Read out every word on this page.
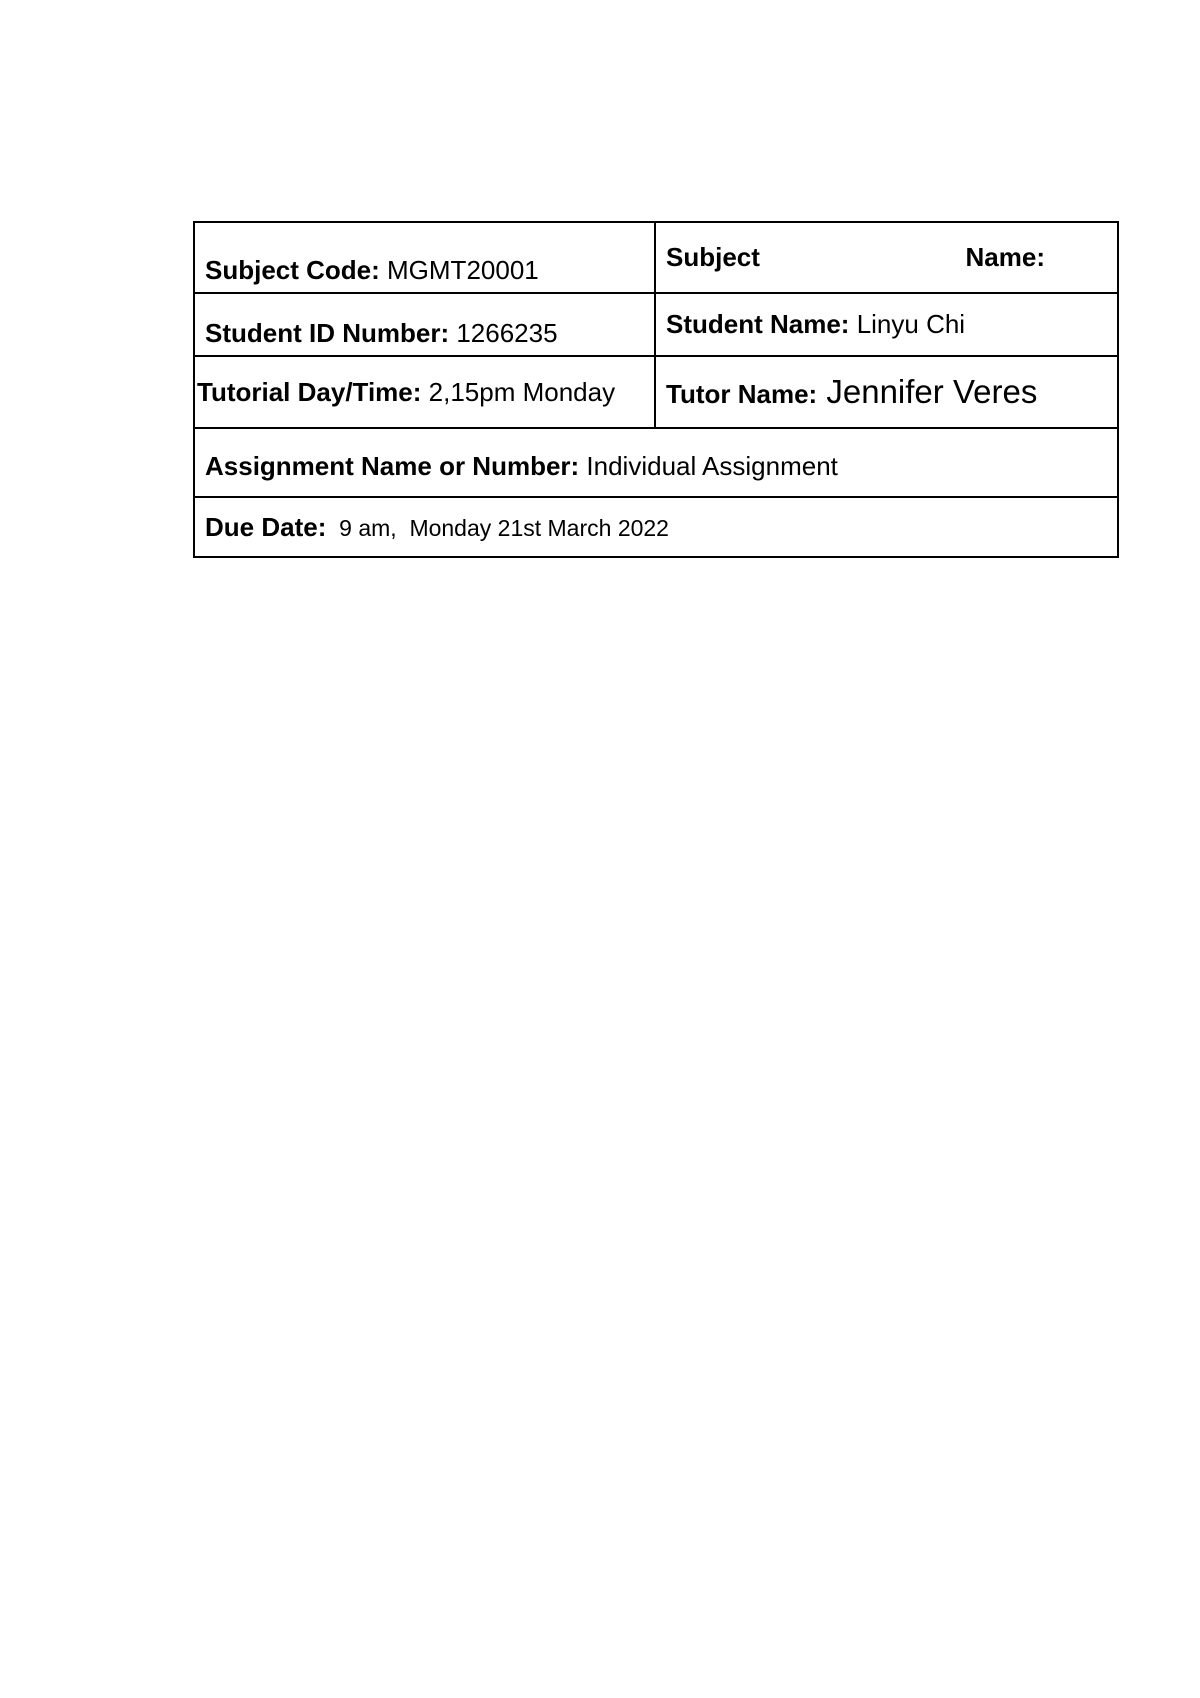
Subject Code: MGMT20001	Subject Name:

Student ID Number: 1266235	Student Name: Linyu Chi
Tutorial Day/Time: 2,15pm Monday	Tutor Name: Jennifer Veres
Assignment Name or Number: Individual Assignment	
Due Date:  9 am,  Monday 21st March 2022	
